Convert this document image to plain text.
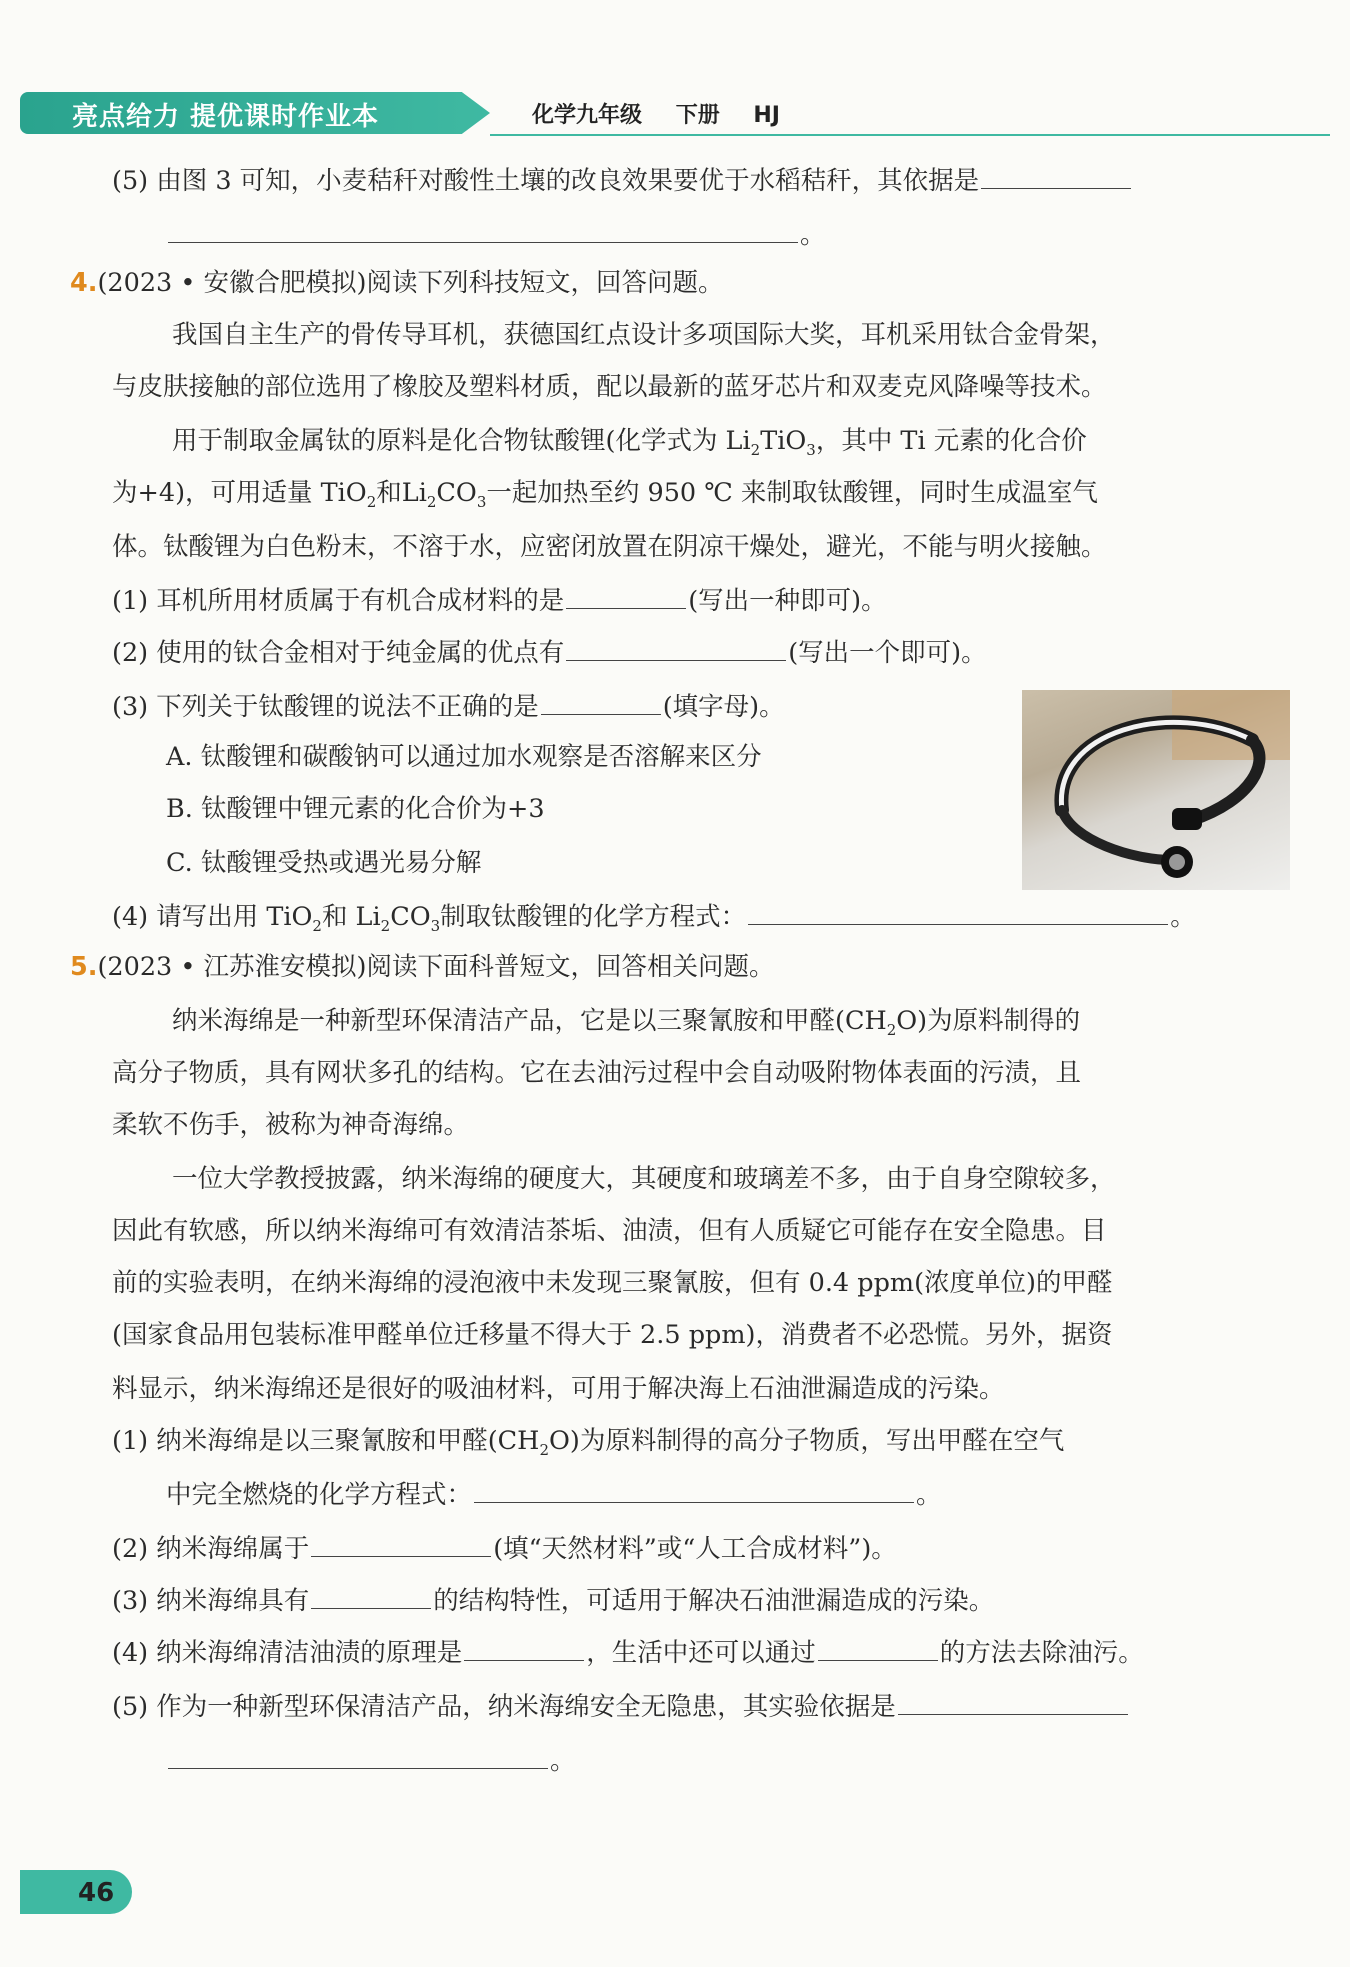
亮点给力 提优课时作业本	化学九年级 下册 HJ
(5) 由图 3 可知，小麦秸秆对酸性土壤的改良效果要优于水稻秸秆，其依据是
。
4.(2023 • 安徽合肥模拟)阅读下列科技短文，回答问题。
我国自主生产的骨传导耳机，获德国红点设计多项国际大奖，耳机采用钛合金骨架，
与皮肤接触的部位选用了橡胶及塑料材质，配以最新的蓝牙芯片和双麦克风降噪等技术。
用于制取金属钛的原料是化合物钛酸锂(化学式为 $Li_2TiO_3$，其中 Ti 元素的化合价
为+4)，可用适量 TiO$_2$和$Li_2CO_3$一起加热至约 950 ℃ 来制取钛酸锂，同时生成温室气
体。钛酸锂为白色粉末，不溶于水，应密闭放置在阴凉干燥处，避光，不能与明火接触。
(1) 耳机所用材质属于有机合成材料的是	(写出一种即可)。
(2) 使用的钛合金相对于纯金属的优点有	(写出一个即可)。
(3) 下列关于钛酸锂的说法不正确的是	(填字母)。
A. 钛酸锂和碳酸钠可以通过加水观察是否溶解来区分
B. 钛酸锂中锂元素的化合价为+3
C. 钛酸锂受热或遇光易分解
(4) 请写出用 TiO$_2$和 $Li_2CO_3$制取钛酸锂的化学方程式：	。
5.(2023 • 江苏淮安模拟)阅读下面科普短文，回答相关问题。
纳米海绵是一种新型环保清洁产品，它是以三聚氰胺和甲醛$(CH_2O)$为原料制得的
高分子物质，具有网状多孔的结构。它在去油污过程中会自动吸附物体表面的污渍，且
柔软不伤手，被称为神奇海绵。
一位大学教授披露，纳米海绵的硬度大，其硬度和玻璃差不多，由于自身空隙较多，
因此有软感，所以纳米海绵可有效清洁茶垢、油渍，但有人质疑它可能存在安全隐患。目
前的实验表明，在纳米海绵的浸泡液中未发现三聚氰胺，但有 0.4 ppm(浓度单位)的甲醛
(国家食品用包装标准甲醛单位迁移量不得大于 2.5 ppm)，消费者不必恐慌。另外，据资
料显示，纳米海绵还是很好的吸油材料，可用于解决海上石油泄漏造成的污染。
(1) 纳米海绵是以三聚氰胺和甲醛$(CH_2O)$为原料制得的高分子物质，写出甲醛在空气
中完全燃烧的化学方程式：	。
(2) 纳米海绵属于	(填“天然材料”或“人工合成材料”)。
(3) 纳米海绵具有	的结构特性，可适用于解决石油泄漏造成的污染。
(4) 纳米海绵清洁油渍的原理是	，生活中还可以通过	的方法去除油污。
(5) 作为一种新型环保清洁产品，纳米海绵安全无隐患，其实验依据是
。
46
